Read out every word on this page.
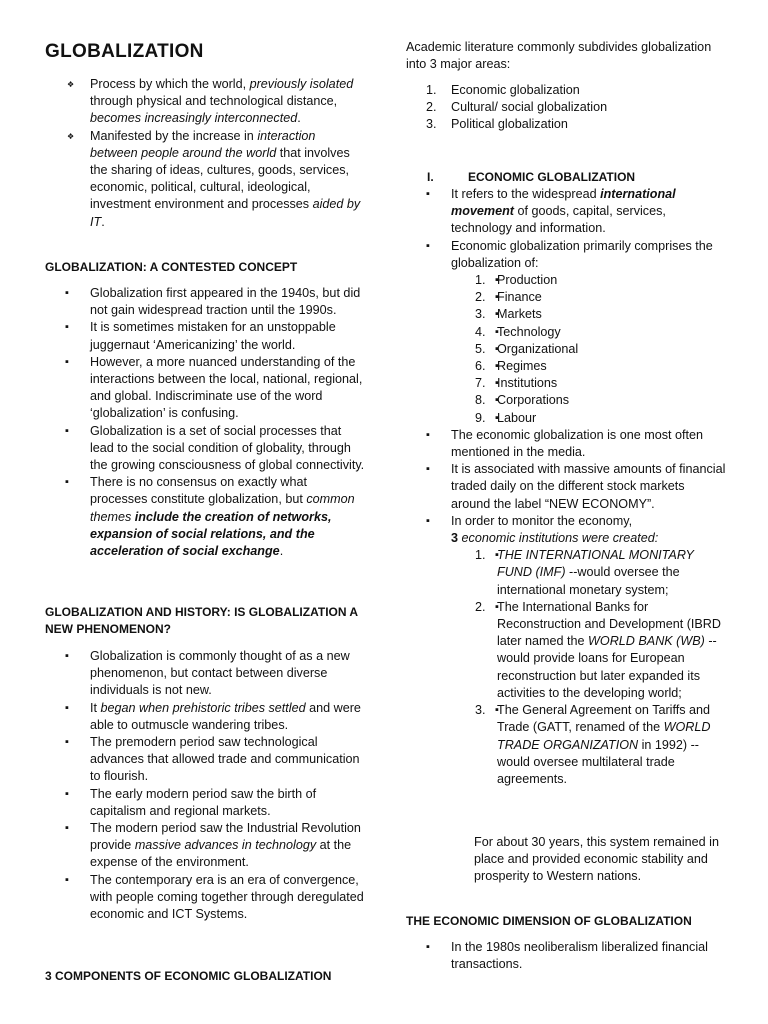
GLOBALIZATION
❖ Process by which the world, previously isolated through physical and technological distance, becomes increasingly interconnected.
❖ Manifested by the increase in interaction between people around the world that involves the sharing of ideas, cultures, goods, services, economic, political, cultural, ideological, investment environment and processes aided by IT.
GLOBALIZATION: A CONTESTED CONCEPT
▪ Globalization first appeared in the 1940s, but did not gain widespread traction until the 1990s.
▪ It is sometimes mistaken for an unstoppable juggernaut ‘Americanizing’ the world.
▪ However, a more nuanced understanding of the interactions between the local, national, regional, and global. Indiscriminate use of the word ‘globalization’ is confusing.
▪ Globalization is a set of social processes that lead to the social condition of globality, through the growing consciousness of global connectivity.
▪ There is no consensus on exactly what processes constitute globalization, but common themes include the creation of networks, expansion of social relations, and the acceleration of social exchange.
GLOBALIZATION AND HISTORY: IS GLOBALIZATION A NEW PHENOMENON?
▪ Globalization is commonly thought of as a new phenomenon, but contact between diverse individuals is not new.
▪ It began when prehistoric tribes settled and were able to outmuscle wandering tribes.
▪ The premodern period saw technological advances that allowed trade and communication to flourish.
▪ The early modern period saw the birth of capitalism and regional markets.
▪ The modern period saw the Industrial Revolution provide massive advances in technology at the expense of the environment.
▪ The contemporary era is an era of convergence, with people coming together through deregulated economic and ICT Systems.
3 COMPONENTS OF ECONOMIC GLOBALIZATION
Academic literature commonly subdivides globalization into 3 major areas:
1. Economic globalization
2. Cultural/ social globalization
3. Political globalization
I.	ECONOMIC GLOBALIZATION
▪ It refers to the widespread international movement of goods, capital, services, technology and information.
▪ Economic globalization primarily comprises the globalization of:
▪ 1. Production
▪ 2. Finance
▪ 3. Markets
▪ 4. Technology
▪ 5. Organizational
▪ 6. Regimes
▪ 7. Institutions
▪ 8. Corporations
▪ 9. Labour
▪ The economic globalization is one most often mentioned in the media.
▪ It is associated with massive amounts of financial traded daily on the different stock markets around the label “NEW ECONOMY”.
▪ In order to monitor the economy,
3 economic institutions were created:
▪ 1. THE INTERNATIONAL MONITARY FUND (IMF) --would oversee the international monetary system;
▪ 2. The International Banks for Reconstruction and Development (IBRD later named the WORLD BANK (WB) -- would provide loans for European reconstruction but later expanded its activities to the developing world;
▪ 3. The General Agreement on Tariffs and Trade (GATT, renamed of the WORLD TRADE ORGANIZATION in 1992) --would oversee multilateral trade agreements.
For about 30 years, this system remained in place and provided economic stability and prosperity to Western nations.
THE ECONOMIC DIMENSION OF GLOBALIZATION
▪ In the 1980s neoliberalism liberalized financial transactions.
